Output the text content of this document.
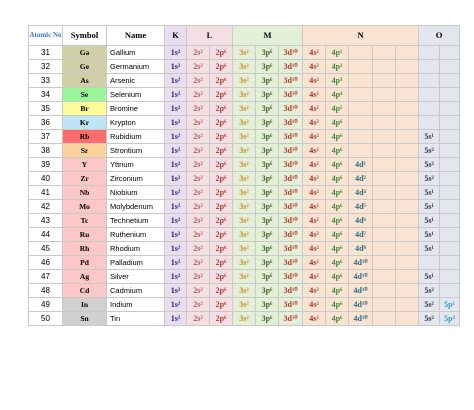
Atomic No	Symbol	Name	K	L		M			N					O	
31	Ga	Gallium	1s²	2s²	2p⁶	3s²	3p⁶	3d¹⁰	4s²	4p¹					
32	Ge	Germanium	1s²	2s²	2p⁶	3s²	3p⁶	3d¹⁰	4s²	4p²					
33	As	Arsenic	1s²	2s²	2p⁶	3s²	3p⁶	3d¹⁰	4s²	4p³					
34	Se	Selenium	1s²	2s²	2p⁶	3s²	3p⁶	3d¹⁰	4s²	4p⁴					
35	Br	Bromine	1s²	2s²	2p⁶	3s²	3p⁶	3d¹⁰	4s²	4p⁵					
36	Kr	Krypton	1s²	2s²	2p⁶	3s²	3p⁶	3d¹⁰	4s²	4p⁶					
37	Rb	Rubidium	1s²	2s²	2p⁶	3s²	3p⁶	3d¹⁰	4s²	4p⁶				5s¹	
38	Sr	Strontium	1s²	2s²	2p⁶	3s²	3p⁶	3d¹⁰	4s²	4p⁶				5s²	
39	Y	Yttrium	1s²	2s²	2p⁶	3s²	3p⁶	3d¹⁰	4s²	4p⁶	4d¹			5s²	
40	Zr	Zirconium	1s²	2s²	2p⁶	3s²	3p⁶	3d¹⁰	4s²	4p⁶	4d²			5s²	
41	Nb	Niobium	1s²	2s²	2p⁶	3s²	3p⁶	3d¹⁰	4s²	4p⁶	4d⁴			5s¹	
42	Mo	Molybdenum	1s²	2s²	2p⁶	3s²	3p⁶	3d¹⁰	4s²	4p⁶	4d⁵			5s¹	
43	Tc	Technetium	1s²	2s²	2p⁶	3s²	3p⁶	3d¹⁰	4s²	4p⁶	4d⁶			5s¹	
44	Ru	Ruthenium	1s²	2s²	2p⁶	3s²	3p⁶	3d¹⁰	4s²	4p⁶	4d⁷			5s¹	
45	Rh	Rhodium	1s²	2s²	2p⁶	3s²	3p⁶	3d¹⁰	4s²	4p⁶	4d⁸			5s¹	
46	Pd	Palladium	1s²	2s²	2p⁶	3s²	3p⁶	3d¹⁰	4s²	4p⁶	4d¹⁰				
47	Ag	Silver	1s²	2s²	2p⁶	3s²	3p⁶	3d¹⁰	4s²	4p⁶	4d¹⁰			5s¹	
48	Cd	Cadmium	1s²	2s²	2p⁶	3s²	3p⁶	3d¹⁰	4s²	4p⁶	4d¹⁰			5s²	
49	In	Indium	1s²	2s²	2p⁶	3s²	3p⁶	3d¹⁰	4s²	4p⁶	4d¹⁰			5s²	5p¹
50	Sn	Tin	1s²	2s²	2p⁶	3s²	3p⁶	3d¹⁰	4s²	4p⁶	4d¹⁰			5s²	5p²
